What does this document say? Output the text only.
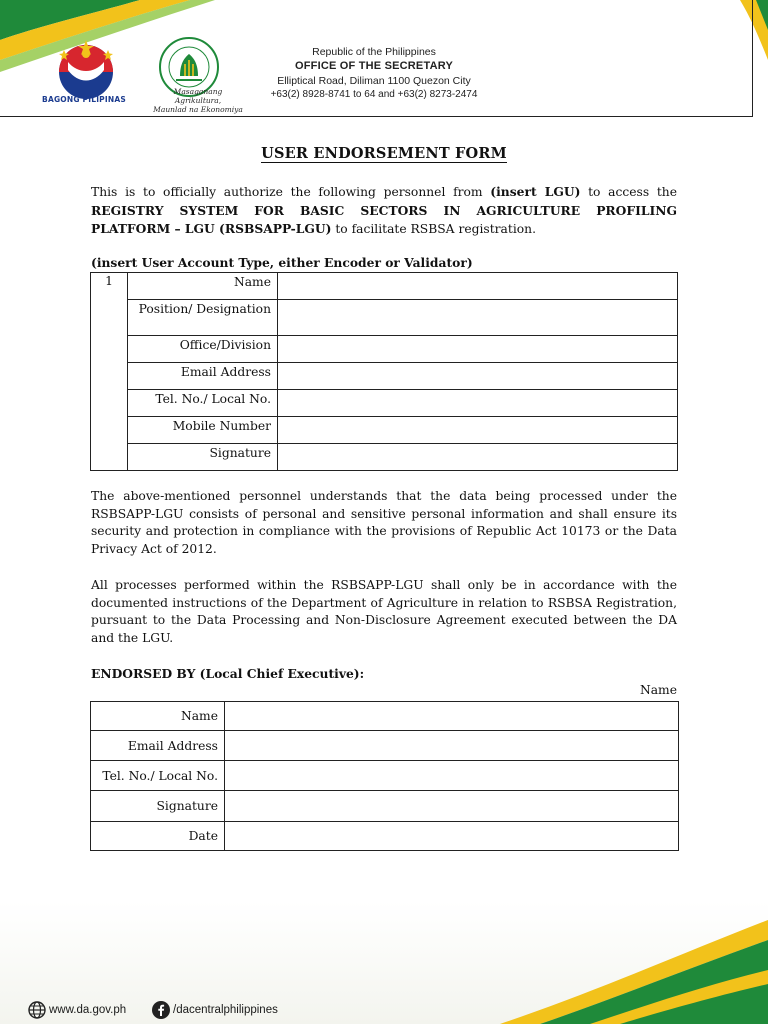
BAGONG PILIPINAS
Masaganang Agrikultura,
Maunlad na Ekonomiya
Republic of the Philippines
OFFICE OF THE SECRETARY
Elliptical Road, Diliman 1100 Quezon City
+63(2) 8928-8741 to 64 and +63(2) 8273-2474
USER ENDORSEMENT FORM
This is to officially authorize the following personnel from (insert LGU) to access the REGISTRY SYSTEM FOR BASIC SECTORS IN AGRICULTURE PROFILING PLATFORM – LGU (RSBSAPP-LGU) to facilitate RSBSA registration.
(insert User Account Type, either Encoder or Validator)
1	Name	
	Position/ Designation	
	Office/Division	
	Email Address	
	Tel. No./ Local No.	
	Mobile Number	
	Signature	
The above-mentioned personnel understands that the data being processed under the RSBSAPP-LGU consists of personal and sensitive personal information and shall ensure its security and protection in compliance with the provisions of Republic Act 10173 or the Data Privacy Act of 2012.
All processes performed within the RSBSAPP-LGU shall only be in accordance with the documented instructions of the Department of Agriculture in relation to RSBSA Registration, pursuant to the Data Processing and Non-Disclosure Agreement executed between the DA and the LGU.
ENDORSED BY (Local Chief Executive):
Name
Name	
Email Address	
Tel. No./ Local No.	
Signature	
Date	
www.da.gov.ph	/dacentralphilippines
